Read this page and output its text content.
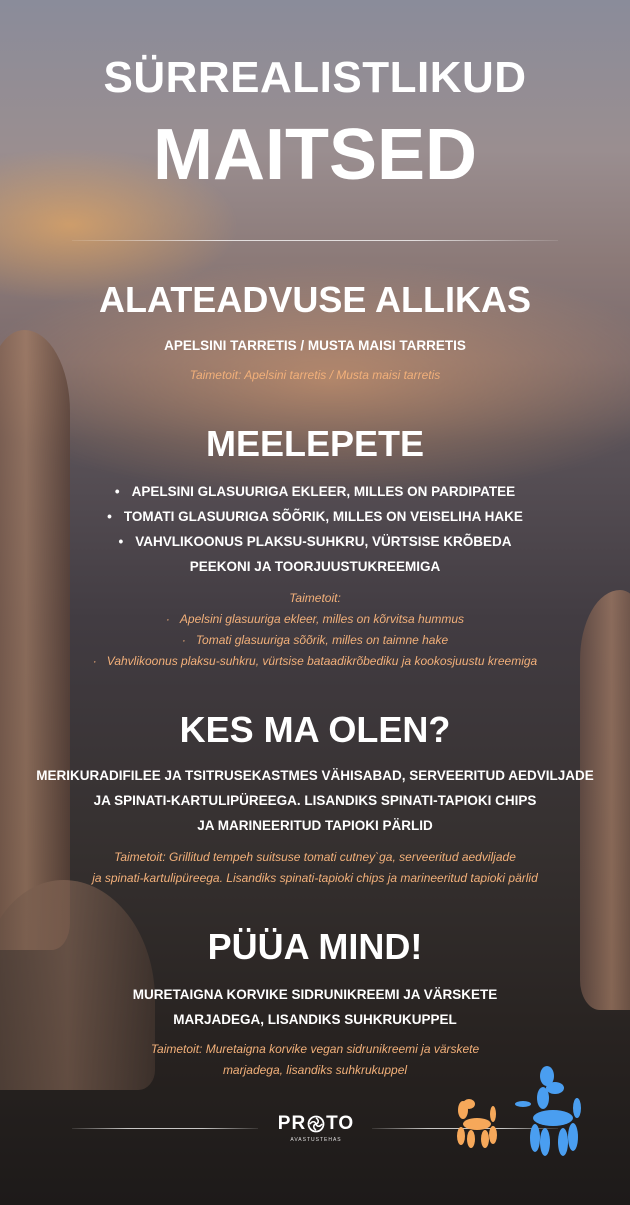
SÜRREALISTLIKUD
MAITSED
ALATEADVUSE ALLIKAS
APELSINI TARRETIS / MUSTA MAISI TARRETIS
Taimetoit: Apelsini tarretis / Musta maisi tarretis
MEELEPETE
• APELSINI GLASUURIGA EKLEER, MILLES ON PARDIPATEE
• TOMATI GLASUURIGA SÕÕRIK, MILLES ON VEISELIHA HAKE
• VAHVLIKOONUS PLAKSU-SUHKRU, VÜRTSISE KRÕBEDA
PEEKONI JA TOORJUUSTUKREEMIGA
Taimetoit:
· Apelsini glasuuriga ekleer, milles on kõrvitsa hummus
· Tomati glasuuriga sõõrik, milles on taimne hake
· Vahvlikoonus plaksu-suhkru, vürtsise bataadikrõbediku ja kookosjuustu kreemiga
KES MA OLEN?
MERIKURADIFILEE JA TSITRUSEKASTMES VÄHISABAD, SERVEERITUD AEDVILJADE
JA SPINATI-KARTULIPÜREEGA. LISANDIKS SPINATI-TAPIOKI CHIPS
JA MARINEERITUD TAPIOKI PÄRLID
Taimetoit: Grillitud tempeh suitsuse tomati cutney`ga, serveeritud aedviljade
ja spinati-kartulipüreega. Lisandiks spinati-tapioki chips ja marineeritud tapioki pärlid
PÜÜA MIND!
MURETAIGNA KORVIKE SIDRUNIKREEMI JA VÄRSKETE
MARJADEGA, LISANDIKS SUHKRUKUPPEL
Taimetoit: Muretaigna korvike vegan sidrunikreemi ja värskete
marjadega, lisandiks suhkrukuppel
PR TO
AVASTUSTEHAS
